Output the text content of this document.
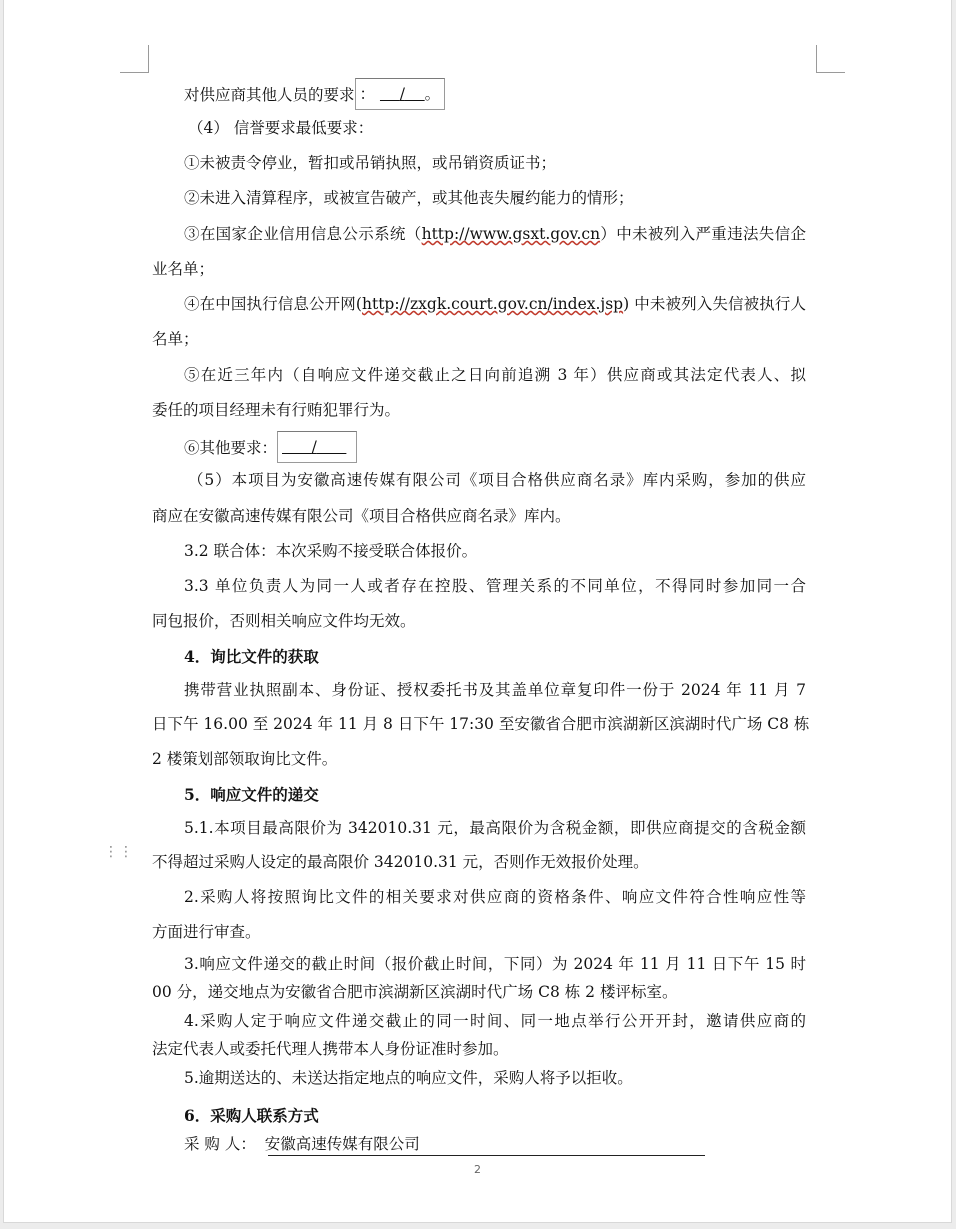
⋮⋮
对供应商其他人员的要求 ： / 。
（4） 信誉要求最低要求：
①未被责令停业，暂扣或吊销执照，或吊销资质证书；
②未进入清算程序，或被宣告破产，或其他丧失履约能力的情形；
③在国家企业信用信息公示系统（http://www.gsxt.gov.cn）中未被列入严重违法失信企
业名单；
④在中国执行信息公开网(http://zxgk.court.gov.cn/index.jsp) 中未被列入失信被执行人
名单；
⑤在近三年内（自响应文件递交截止之日向前追溯 3 年）供应商或其法定代表人、拟
委任的项目经理未有行贿犯罪行为。
⑥其他要求： /
（5）本项目为安徽高速传媒有限公司《项目合格供应商名录》库内采购，参加的供应
商应在安徽高速传媒有限公司《项目合格供应商名录》库内。
3.2 联合体：本次采购不接受联合体报价。
3.3 单位负责人为同一人或者存在控股、管理关系的不同单位，不得同时参加同一合
同包报价，否则相关响应文件均无效。
4．询比文件的获取
携带营业执照副本、身份证、授权委托书及其盖单位章复印件一份于 2024 年 11 月 7
日下午 16.00 至 2024 年 11 月 8 日下午 17:30 至安徽省合肥市滨湖新区滨湖时代广场 C8 栋
2 楼策划部领取询比文件。
5．响应文件的递交
5.1.本项目最高限价为 342010.31 元，最高限价为含税金额，即供应商提交的含税金额
不得超过采购人设定的最高限价 342010.31 元，否则作无效报价处理。
2.采购人将按照询比文件的相关要求对供应商的资格条件、响应文件符合性响应性等
方面进行审查。
3.响应文件递交的截止时间（报价截止时间，下同）为 2024 年 11 月 11 日下午 15 时
00 分，递交地点为安徽省合肥市滨湖新区滨湖时代广场 C8 栋 2 楼评标室。
4.采购人定于响应文件递交截止的同一时间、同一地点举行公开开封，邀请供应商的
法定代表人或委托代理人携带本人身份证准时参加。
5.逾期送达的、未送达指定地点的响应文件，采购人将予以拒收。
6．采购人联系方式
采 购 人： 安徽高速传媒有限公司
2
